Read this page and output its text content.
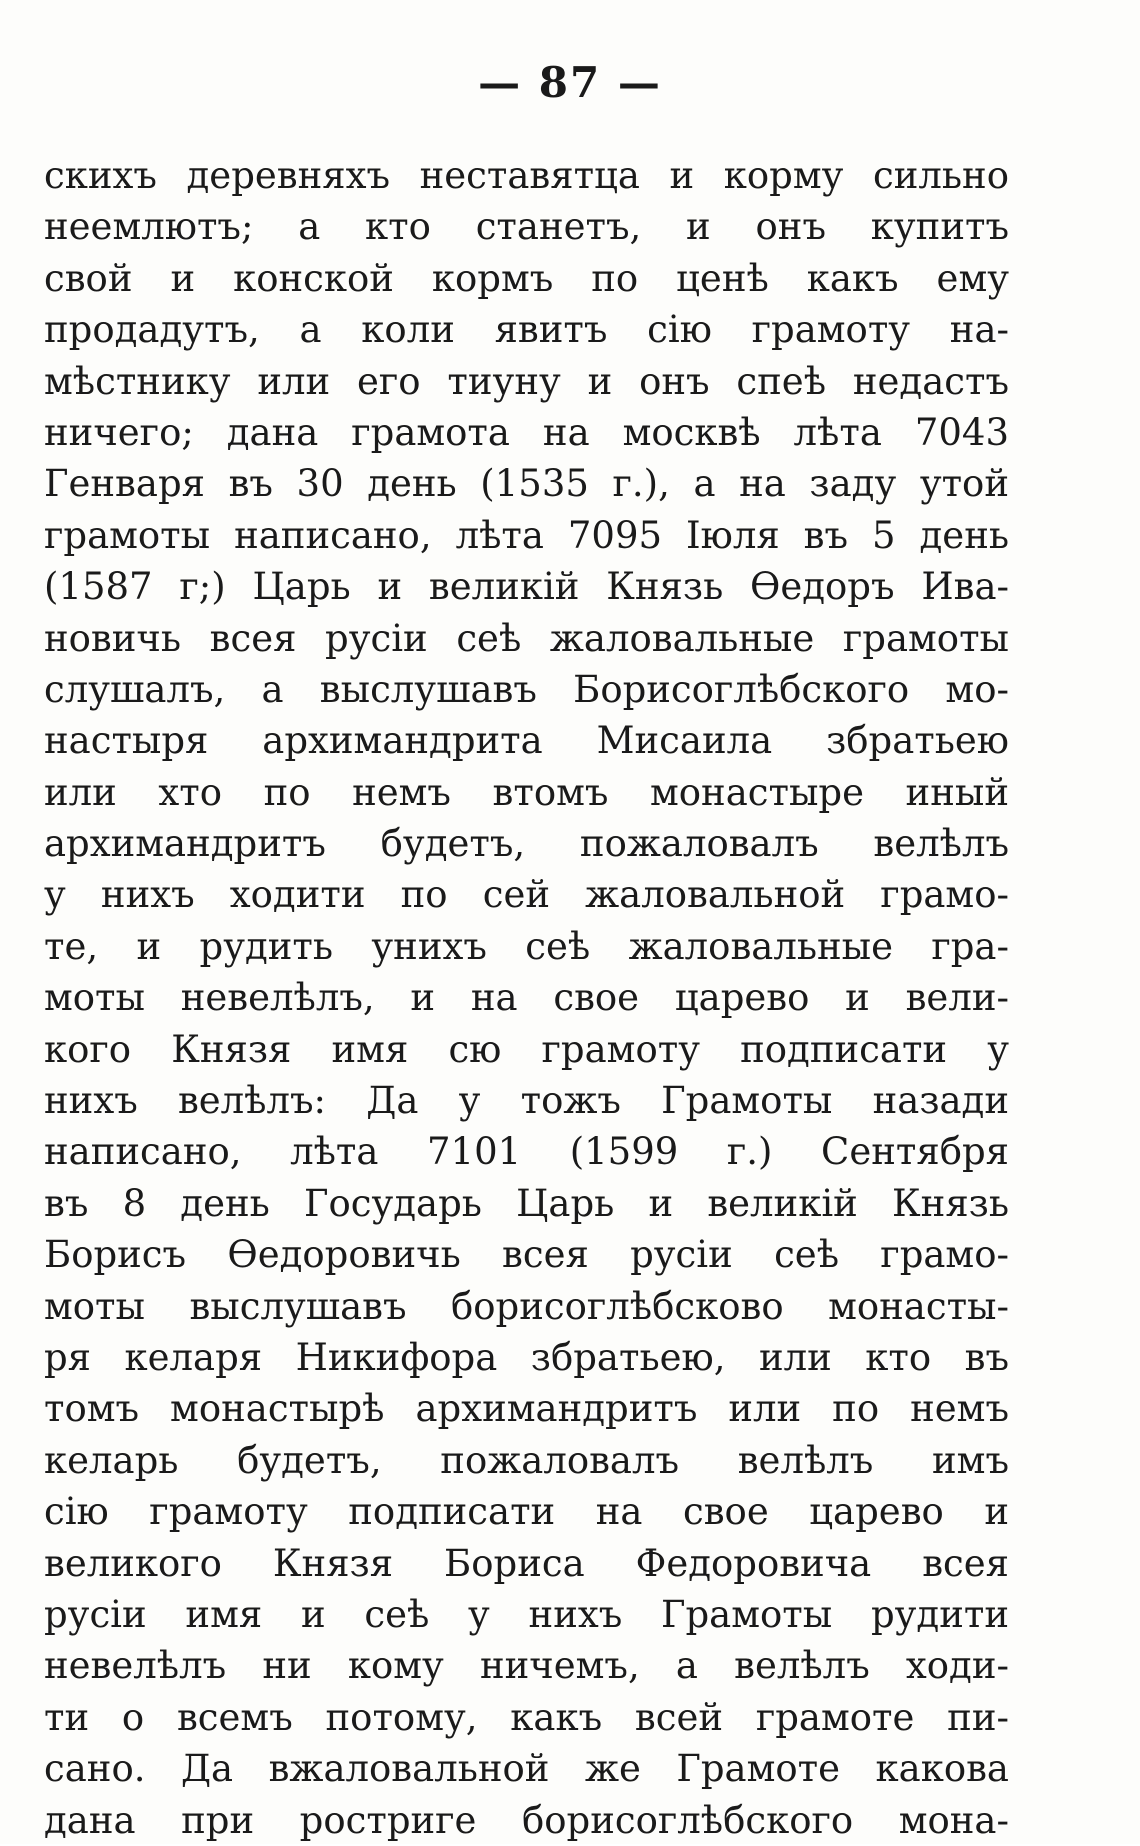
— 87 —
скихъ деревняхъ неставятца и корму сильно
неемлютъ; а кто станетъ, и онъ купитъ
свой и конской кормъ по ценѣ какъ ему
продадутъ, а коли явитъ сію грамоту на-
мѣстнику или его тиуну и онъ спеѣ недастъ
ничего; дана грамота на москвѣ лѣта 7043
Генваря въ 30 день (1535 г.), а на заду утой
грамоты написано, лѣта 7095 Іюля въ 5 день
(1587 г;) Царь и великій Князь Ѳедоръ Ива-
новичь всея русіи сеѣ жаловальные грамоты
слушалъ, а выслушавъ Борисоглѣбского мо-
настыря архимандрита Мисаила збратьею
или хто по немъ втомъ монастыре иный
архимандритъ будетъ, пожаловалъ велѣлъ
у нихъ ходити по сей жаловальной грамо-
те, и рудить унихъ сеѣ жаловальные гра-
моты невелѣлъ, и на свое царево и вели-
кого Князя имя сю грамоту подписати у
нихъ велѣлъ: Да у тожъ Грамоты назади
написано, лѣта 7101 (1599 г.) Сентября
въ 8 день Государь Царь и великій Князь
Борисъ Ѳедоровичь всея русіи сеѣ грамо-
моты выслушавъ борисоглѣбсково монасты-
ря келаря Никифора збратьею, или кто въ
томъ монастырѣ архимандритъ или по немъ
келарь будетъ, пожаловалъ велѣлъ имъ
сію грамоту подписати на свое царево и
великого Князя Бориса Федоровича всея
русіи имя и сеѣ у нихъ Грамоты рудити
невелѣлъ ни кому ничемъ, а велѣлъ ходи-
ти о всемъ потому, какъ всей грамоте пи-
сано. Да вжаловальной же Грамоте какова
дана при ростриге борисоглѣбского мона-
